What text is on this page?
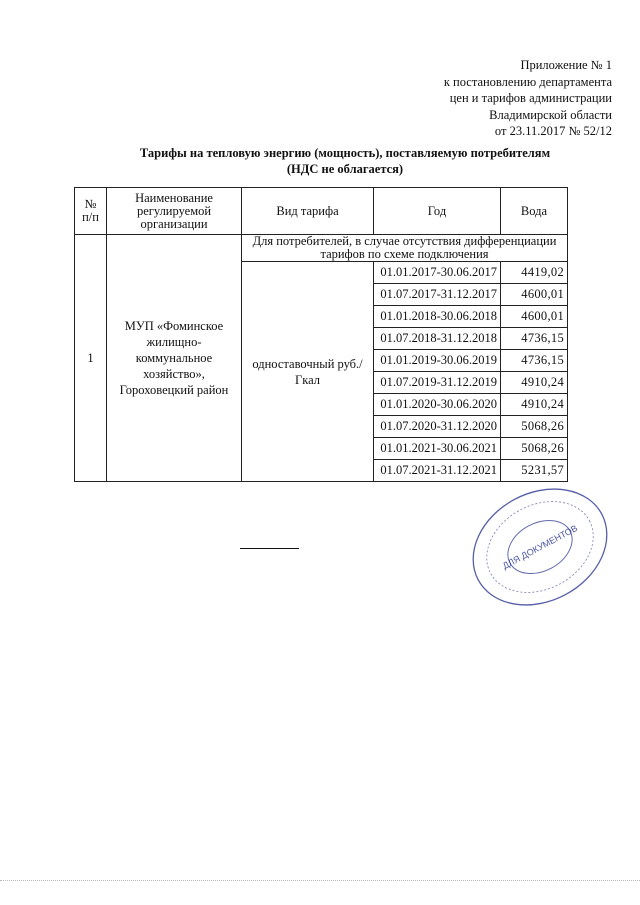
Приложение № 1
к постановлению департамента
цен и тарифов администрации
Владимирской области
от 23.11.2017 № 52/12
Тарифы на тепловую энергию (мощность), поставляемую потребителям
(НДС не облагается)
№ п/п	Наименование регулируемой организации	Вид тарифа	Год	Вода
1	МУП «Фоминское жилищно-коммунальное хозяйство», Гороховецкий район	Для потребителей, в случае отсутствия дифференциации тарифов по схеме подключения		
		одноставочный руб./Гкал	01.01.2017-30.06.2017	4419,02
			01.07.2017-31.12.2017	4600,01
			01.01.2018-30.06.2018	4600,01
			01.07.2018-31.12.2018	4736,15
			01.01.2019-30.06.2019	4736,15
			01.07.2019-31.12.2019	4910,24
			01.01.2020-30.06.2020	4910,24
			01.07.2020-31.12.2020	5068,26
			01.01.2021-30.06.2021	5068,26
			01.07.2021-31.12.2021	5231,57
ДЛЯ ДОКУМЕНТОВ
